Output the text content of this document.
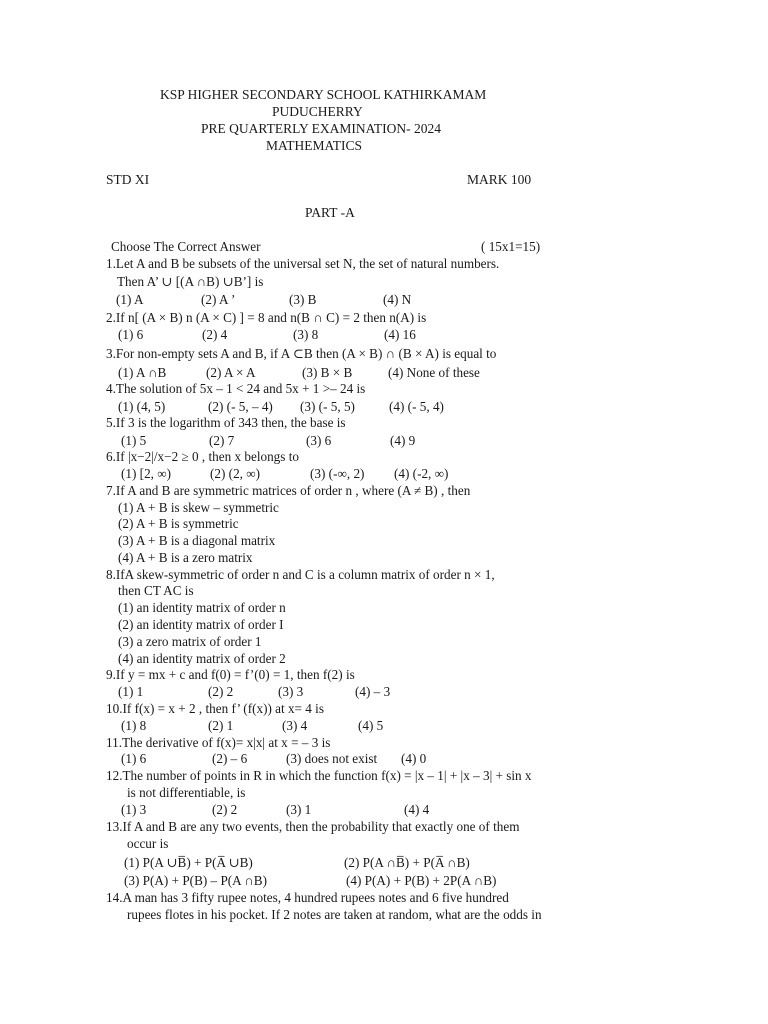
KSP HIGHER SECONDARY SCHOOL KATHIRKAMAM
PUDUCHERRY
PRE QUARTERLY EXAMINATION- 2024
MATHEMATICS
STD XI	MARK 100
PART -A
Choose The Correct Answer	( 15x1=15)
1.Let A and B be subsets of the universal set N, the set of natural numbers.
Then A’ ∪ [(A ∩B) ∪B’] is
(1) A	(2) A ’	(3) B	(4) N
2.If n[ (A × B) n (A × C) ] = 8 and n(B ∩ C) = 2 then n(A) is
(1) 6	(2) 4	(3) 8	(4) 16
3.For non-empty sets A and B, if A ⊂B then (A × B) ∩ (B × A) is equal to
(1) A ∩B	(2) A × A	(3) B × B	(4) None of these
4.The solution of 5x – 1 < 24 and 5x + 1 >– 24 is
(1) (4, 5)	(2) (- 5, – 4) (3) (- 5, 5)	(4) (- 5, 4)
5.If 3 is the logarithm of 343 then, the base is
(1) 5	(2) 7	(3) 6	(4) 9
6.If |x−2|/x−2 ≥ 0 , then x belongs to
(1) [2, ∞)	(2) (2, ∞)	(3) (-∞, 2) (4) (-2, ∞)
7.If A and B are symmetric matrices of order n , where (A ≠ B) , then
(1) A + B is skew – symmetric
(2) A + B is symmetric
(3) A + B is a diagonal matrix
(4) A + B is a zero matrix
8.IfA skew-symmetric of order n and C is a column matrix of order n × 1,
then CT AC is
(1) an identity matrix of order n
(2) an identity matrix of order I
(3) a zero matrix of order 1
(4) an identity matrix of order 2
9.If y = mx + c and f(0) = f’(0) = 1, then f(2) is
(1) 1	(2) 2	(3) 3	(4) – 3
10.If f(x) = x + 2 , then f’ (f(x)) at x= 4 is
(1) 8	(2) 1	(3) 4	(4) 5
11.The derivative of f(x)= x|x| at x = – 3 is
(1) 6	(2) – 6	(3) does not exist (4) 0
12.The number of points in R in which the function f(x) = |x – 1| + |x – 3| + sin x
is not differentiable, is
(1) 3	(2) 2	(3) 1	(4) 4
13.If A and B are any two events, then the probability that exactly one of them
occur is
(1) P(A ∪B̅) + P(A̅ ∪B)	(2) P(A ∩B̅) + P(A̅ ∩B)
(3) P(A) + P(B) – P(A ∩B)	(4) P(A) + P(B) + 2P(A ∩B)
14.A man has 3 fifty rupee notes, 4 hundred rupees notes and 6 five hundred
rupees flotes in his pocket. If 2 notes are taken at random, what are the odds in
